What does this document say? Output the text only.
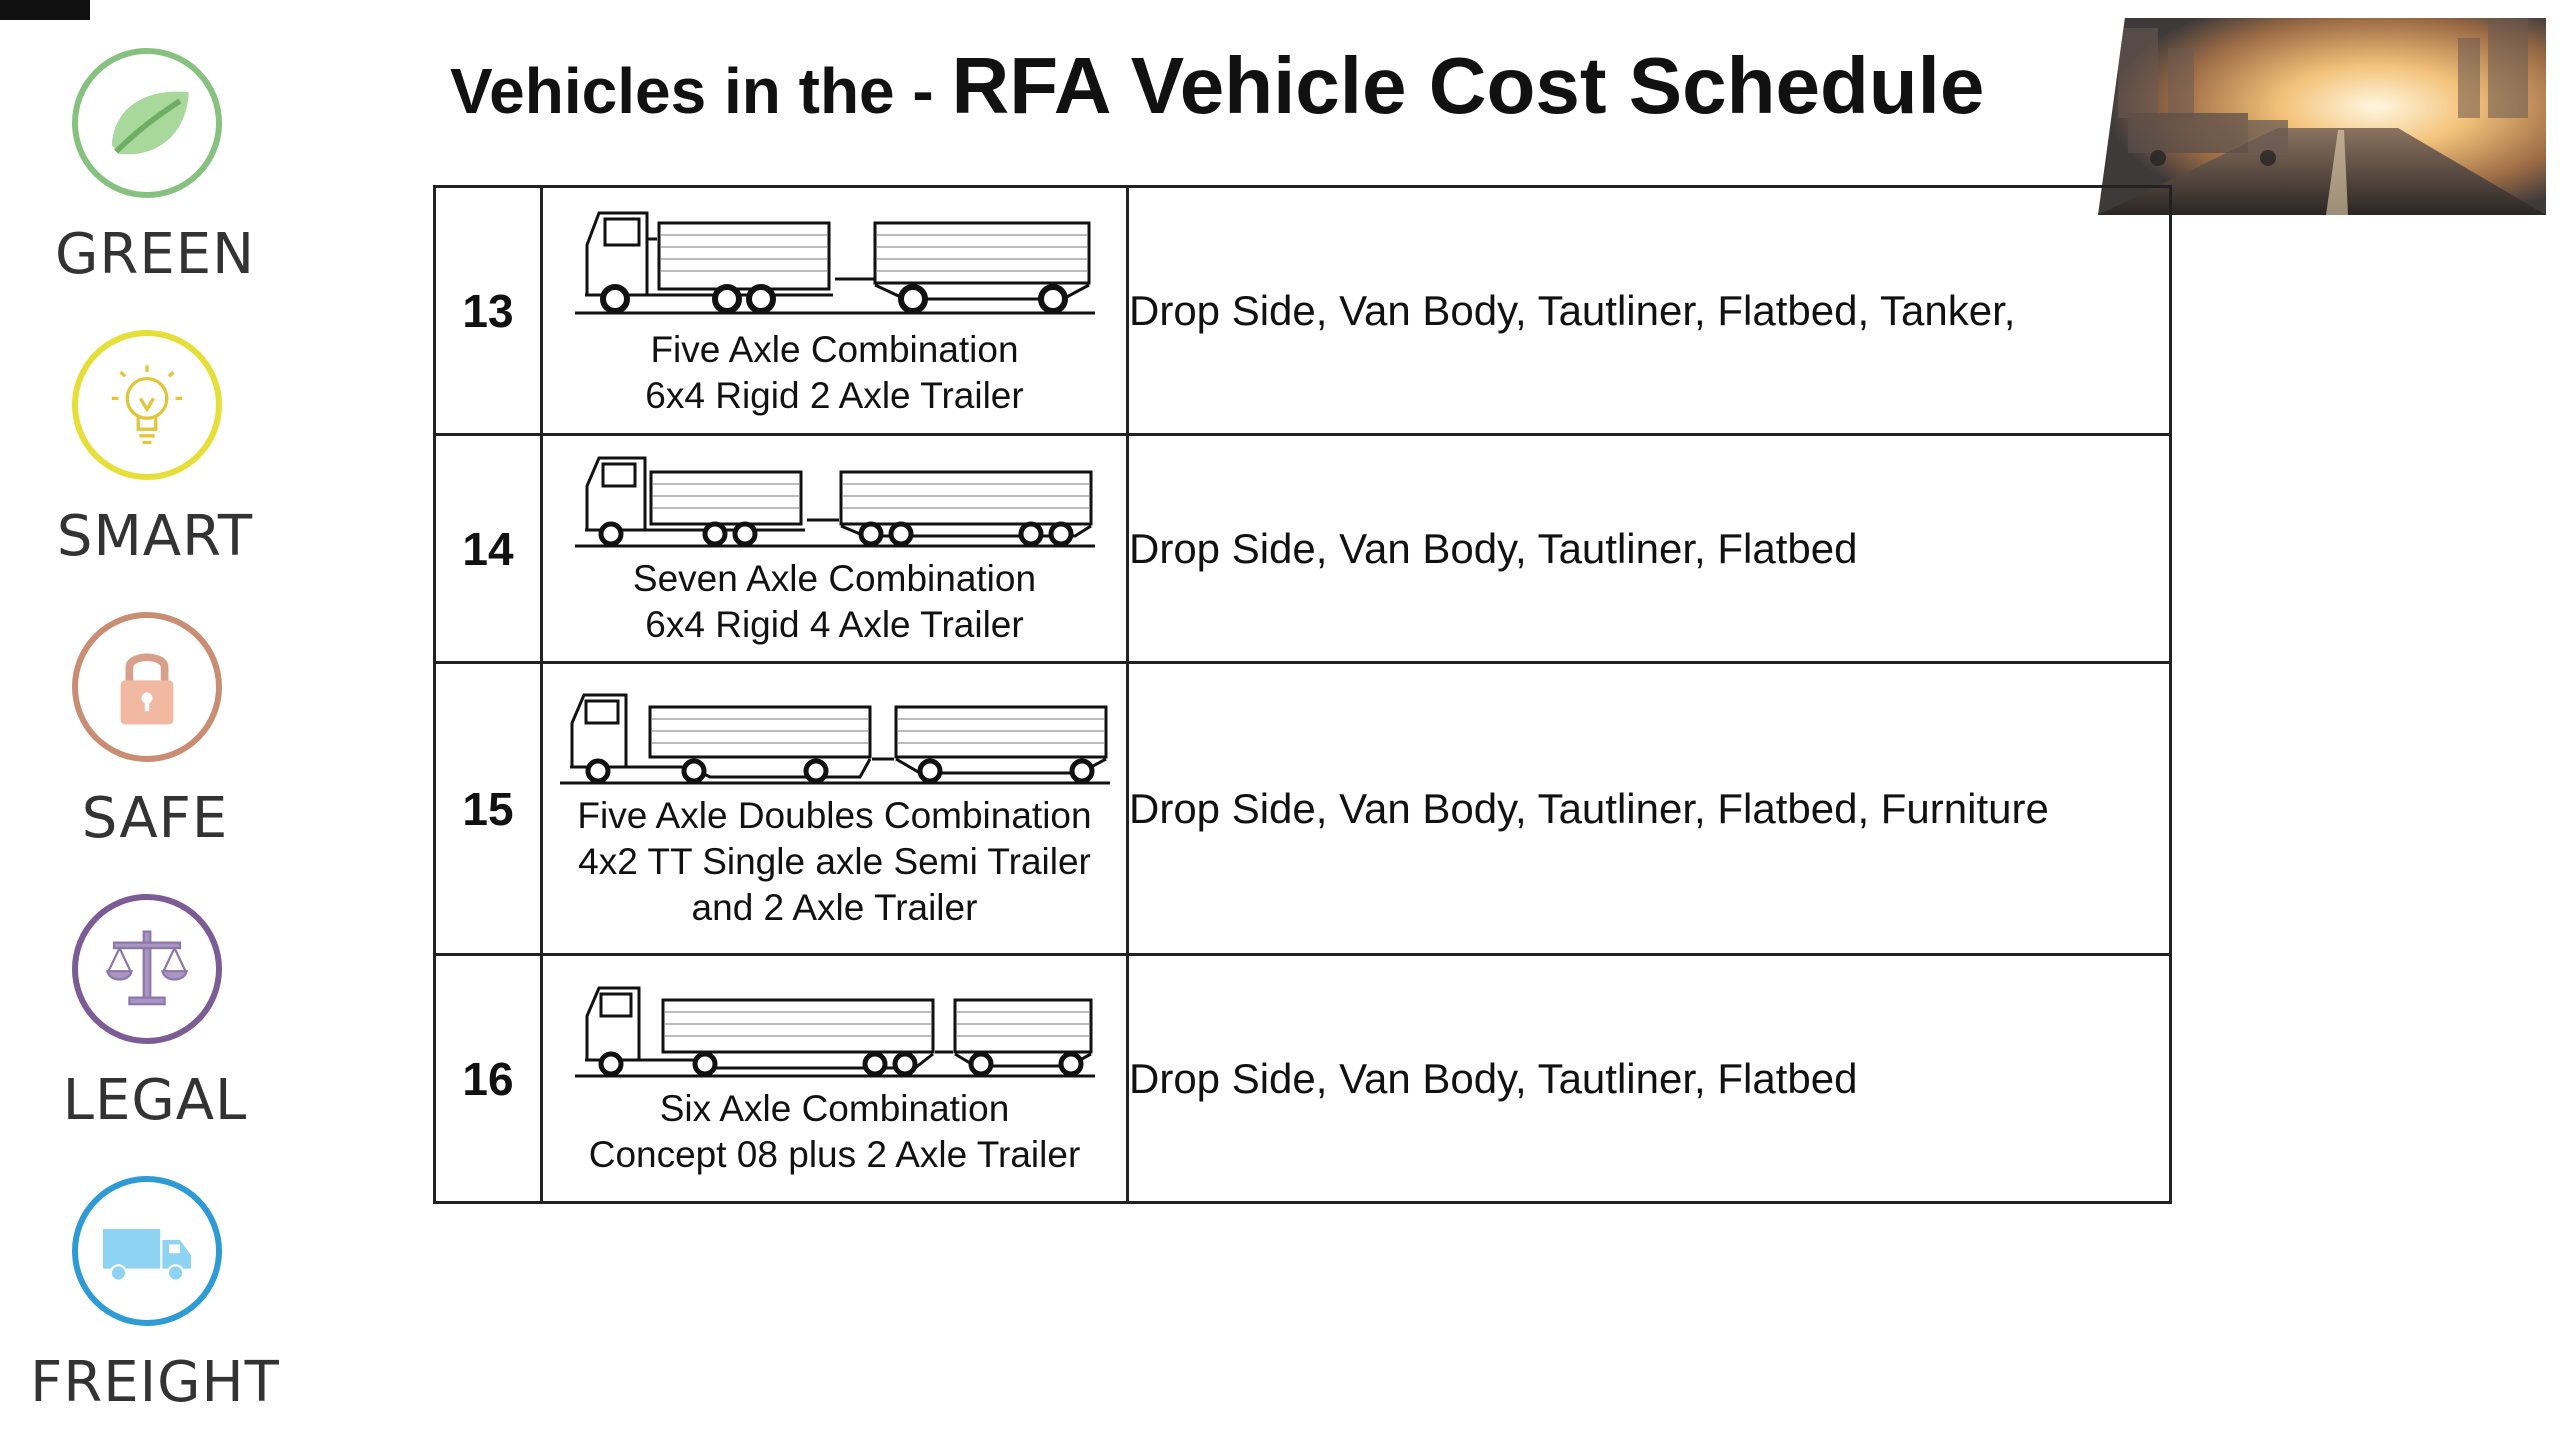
GREEN
SMART
SAFE
LEGAL
FREIGHT
Vehicles in the - RFA Vehicle Cost Schedule
13	Five Axle Combination
6x4 Rigid 2 Axle Trailer	Drop Side, Van Body, Tautliner, Flatbed, Tanker,
14	Seven Axle Combination
6x4 Rigid 4 Axle Trailer	Drop Side, Van Body, Tautliner, Flatbed
15	Five Axle Doubles Combination
4x2 TT Single axle Semi Trailer
and 2 Axle Trailer	Drop Side, Van Body, Tautliner, Flatbed, Furniture
16	Six Axle Combination
Concept 08 plus 2 Axle Trailer	Drop Side, Van Body, Tautliner, Flatbed
